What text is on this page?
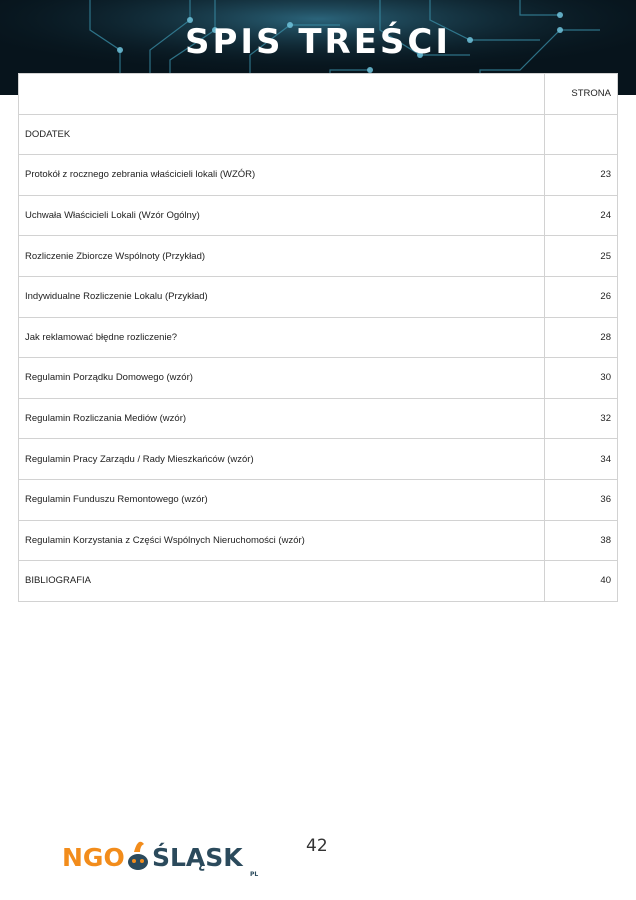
SPIS TREŚCI
	STRONA
DODATEK	
Protokół z rocznego zebrania właścicieli lokali (WZÓR)	23
Uchwała Właścicieli Lokali (Wzór Ogólny)	24
Rozliczenie Zbiorcze Wspólnoty (Przykład)	25
Indywidualne Rozliczenie Lokalu (Przykład)	26
Jak reklamować błędne rozliczenie?	28
Regulamin Porządku Domowego (wzór)	30
Regulamin Rozliczania Mediów (wzór)	32
Regulamin Pracy Zarządu / Rady Mieszkańców (wzór)	34
Regulamin Funduszu Remontowego (wzór)	36
Regulamin Korzystania z Części Wspólnych Nieruchomości (wzór)	38
BIBLIOGRAFIA	40
NGO ŚLĄSK
PL
42
